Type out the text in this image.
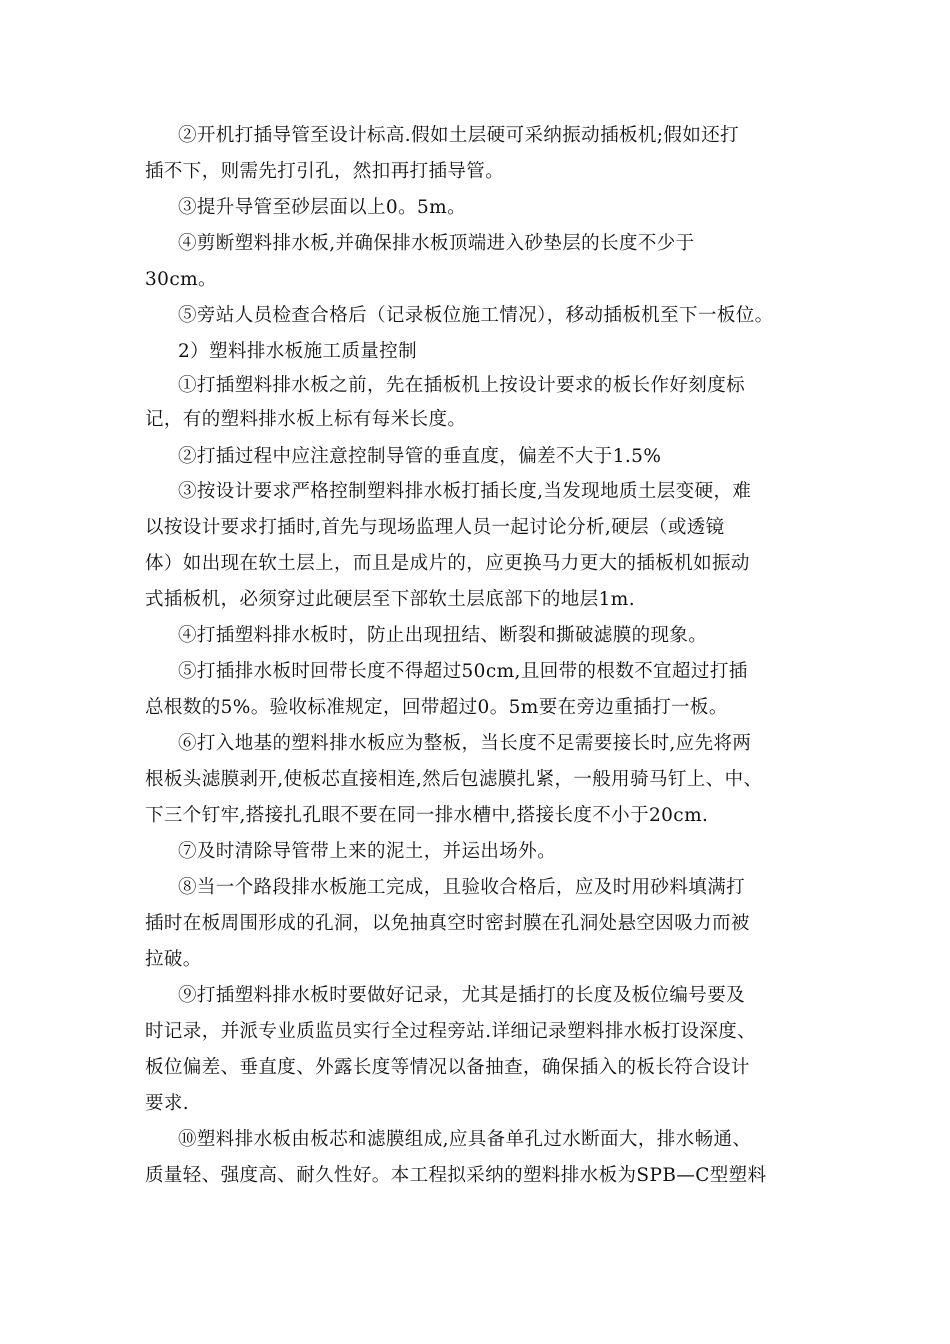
②开机打插导管至设计标高.假如土层硬可采纳振动插板机;假如还打
插不下，则需先打引孔，然扣再打插导管。
③提升导管至砂层面以上0。5m。
④剪断塑料排水板,并确保排水板顶端进入砂垫层的长度不少于
30cm。
⑤旁站人员检查合格后（记录板位施工情况），移动插板机至下一板位。
2）塑料排水板施工质量控制
①打插塑料排水板之前，先在插板机上按设计要求的板长作好刻度标
记，有的塑料排水板上标有每米长度。
②打插过程中应注意控制导管的垂直度，偏差不大于1.5%
③按设计要求严格控制塑料排水板打插长度,当发现地质土层变硬，难
以按设计要求打插时,首先与现场监理人员一起讨论分析,硬层（或透镜
体）如出现在软土层上，而且是成片的，应更换马力更大的插板机如振动
式插板机，必须穿过此硬层至下部软土层底部下的地层1m.
④打插塑料排水板时，防止出现扭结、断裂和撕破滤膜的现象。
⑤打插排水板时回带长度不得超过50cm,且回带的根数不宜超过打插
总根数的5%。验收标准规定，回带超过0。5m要在旁边重插打一板。
⑥打入地基的塑料排水板应为整板，当长度不足需要接长时,应先将两
根板头滤膜剥开,使板芯直接相连,然后包滤膜扎紧，一般用骑马钉上、中、
下三个钉牢,搭接扎孔眼不要在同一排水槽中,搭接长度不小于20cm.
⑦及时清除导管带上来的泥土，并运出场外。
⑧当一个路段排水板施工完成，且验收合格后，应及时用砂料填满打
插时在板周围形成的孔洞，以免抽真空时密封膜在孔洞处悬空因吸力而被
拉破。
⑨打插塑料排水板时要做好记录，尤其是插打的长度及板位编号要及
时记录，并派专业质监员实行全过程旁站.详细记录塑料排水板打设深度、
板位偏差、垂直度、外露长度等情况以备抽查，确保插入的板长符合设计
要求.
⑩塑料排水板由板芯和滤膜组成,应具备单孔过水断面大，排水畅通、
质量轻、强度高、耐久性好。本工程拟采纳的塑料排水板为SPB—C型塑料
